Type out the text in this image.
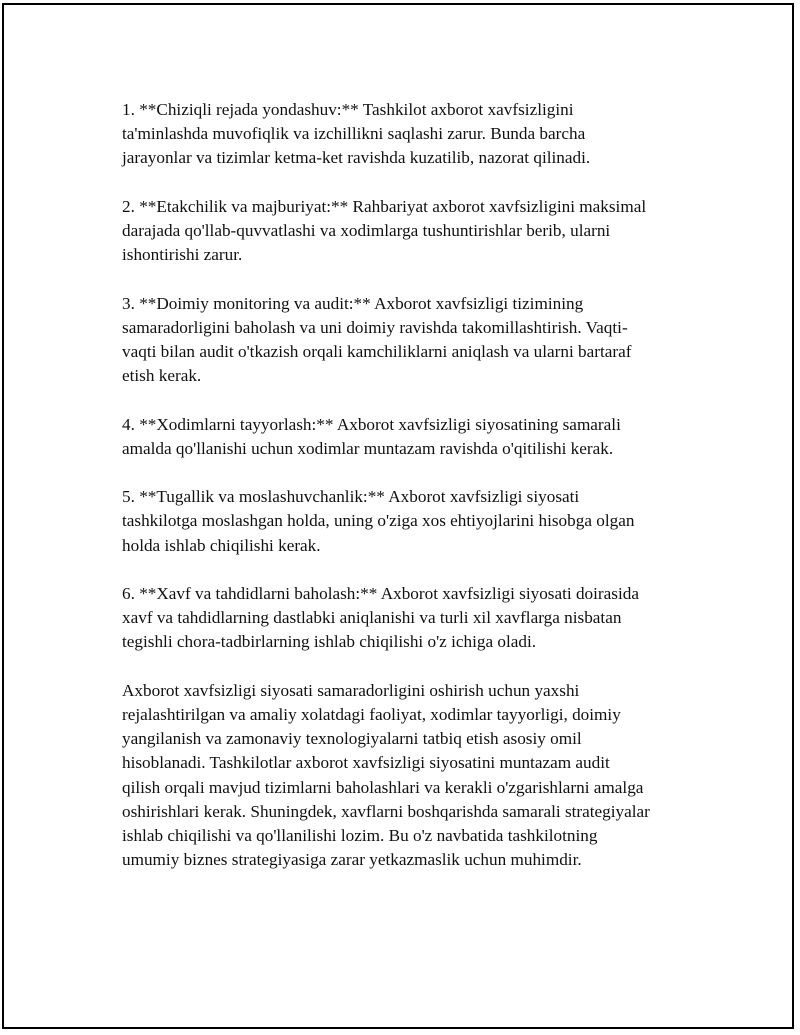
1. **Chiziqli rejada yondashuv:** Tashkilot axborot xavfsizligini
ta'minlashda muvofiqlik va izchillikni saqlashi zarur. Bunda barcha
jarayonlar va tizimlar ketma-ket ravishda kuzatilib, nazorat qilinadi.

2. **Etakchilik va majburiyat:** Rahbariyat axborot xavfsizligini maksimal
darajada qo'llab-quvvatlashi va xodimlarga tushuntirishlar berib, ularni
ishontirishi zarur.

3. **Doimiy monitoring va audit:** Axborot xavfsizligi tizimining
samaradorligini baholash va uni doimiy ravishda takomillashtirish. Vaqti-
vaqti bilan audit o'tkazish orqali kamchiliklarni aniqlash va ularni bartaraf
etish kerak.

4. **Xodimlarni tayyorlash:** Axborot xavfsizligi siyosatining samarali
amalda qo'llanishi uchun xodimlar muntazam ravishda o'qitilishi kerak.

5. **Tugallik va moslashuvchanlik:** Axborot xavfsizligi siyosati
tashkilotga moslashgan holda, uning o'ziga xos ehtiyojlarini hisobga olgan
holda ishlab chiqilishi kerak.

6. **Xavf va tahdidlarni baholash:** Axborot xavfsizligi siyosati doirasida
xavf va tahdidlarning dastlabki aniqlanishi va turli xil xavflarga nisbatan
tegishli chora-tadbirlarning ishlab chiqilishi o'z ichiga oladi.

Axborot xavfsizligi siyosati samaradorligini oshirish uchun yaxshi
rejalashtirilgan va amaliy xolatdagi faoliyat, xodimlar tayyorligi, doimiy
yangilanish va zamonaviy texnologiyalarni tatbiq etish asosiy omil
hisoblanadi. Tashkilotlar axborot xavfsizligi siyosatini muntazam audit
qilish orqali mavjud tizimlarni baholashlari va kerakli o'zgarishlarni amalga
oshirishlari kerak. Shuningdek, xavflarni boshqarishda samarali strategiyalar
ishlab chiqilishi va qo'llanilishi lozim. Bu o'z navbatida tashkilotning
umumiy biznes strategiyasiga zarar yetkazmaslik uchun muhimdir.
